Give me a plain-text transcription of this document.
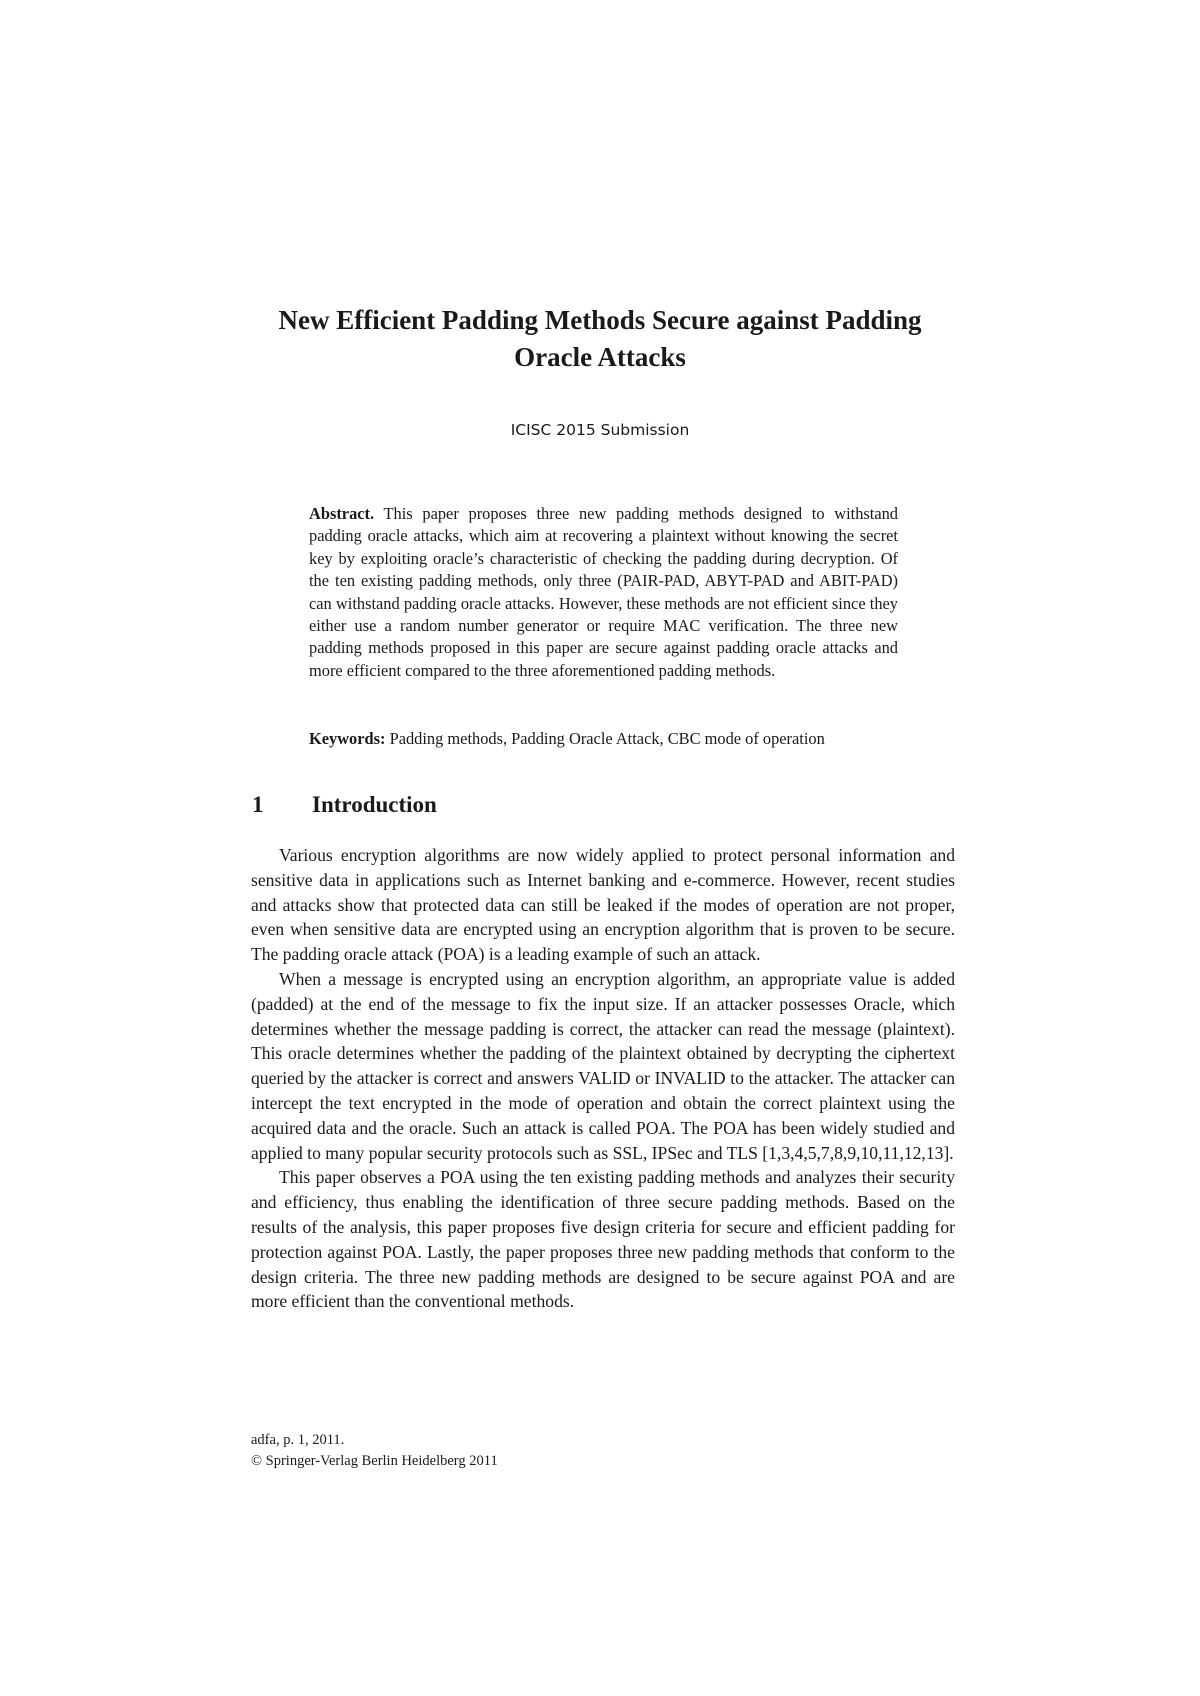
New Efficient Padding Methods Secure against Padding Oracle Attacks
ICISC 2015 Submission
Abstract. This paper proposes three new padding methods designed to withstand padding oracle attacks, which aim at recovering a plaintext without knowing the secret key by exploiting oracle’s characteristic of checking the padding during decryption. Of the ten existing padding methods, only three (PAIR-PAD, ABYT-PAD and ABIT-PAD) can withstand padding oracle attacks. However, these methods are not efficient since they either use a random number generator or require MAC verification. The three new padding methods proposed in this paper are secure against padding oracle attacks and more efficient compared to the three aforementioned padding methods.
Keywords: Padding methods, Padding Oracle Attack, CBC mode of operation
1 Introduction

Various encryption algorithms are now widely applied to protect personal information and sensitive data in applications such as Internet banking and e-commerce. However, recent studies and attacks show that protected data can still be leaked if the modes of operation are not proper, even when sensitive data are encrypted using an encryption algorithm that is proven to be secure. The padding oracle attack (POA) is a leading example of such an attack.

When a message is encrypted using an encryption algorithm, an appropriate value is added (padded) at the end of the message to fix the input size. If an attacker possesses Oracle, which determines whether the message padding is correct, the attacker can read the message (plaintext). This oracle determines whether the padding of the plaintext obtained by decrypting the ciphertext queried by the attacker is correct and answers VALID or INVALID to the attacker. The attacker can intercept the text encrypted in the mode of operation and obtain the correct plaintext using the acquired data and the oracle. Such an attack is called POA. The POA has been widely studied and applied to many popular security protocols such as SSL, IPSec and TLS [1,3,4,5,7,8,9,10,11,12,13].

This paper observes a POA using the ten existing padding methods and analyzes their security and efficiency, thus enabling the identification of three secure padding methods. Based on the results of the analysis, this paper proposes five design criteria for secure and efficient padding for protection against POA. Lastly, the paper proposes three new padding methods that conform to the design criteria. The three new padding methods are designed to be secure against POA and are more efficient than the conventional methods.

adfa, p. 1, 2011.
© Springer-Verlag Berlin Heidelberg 2011
